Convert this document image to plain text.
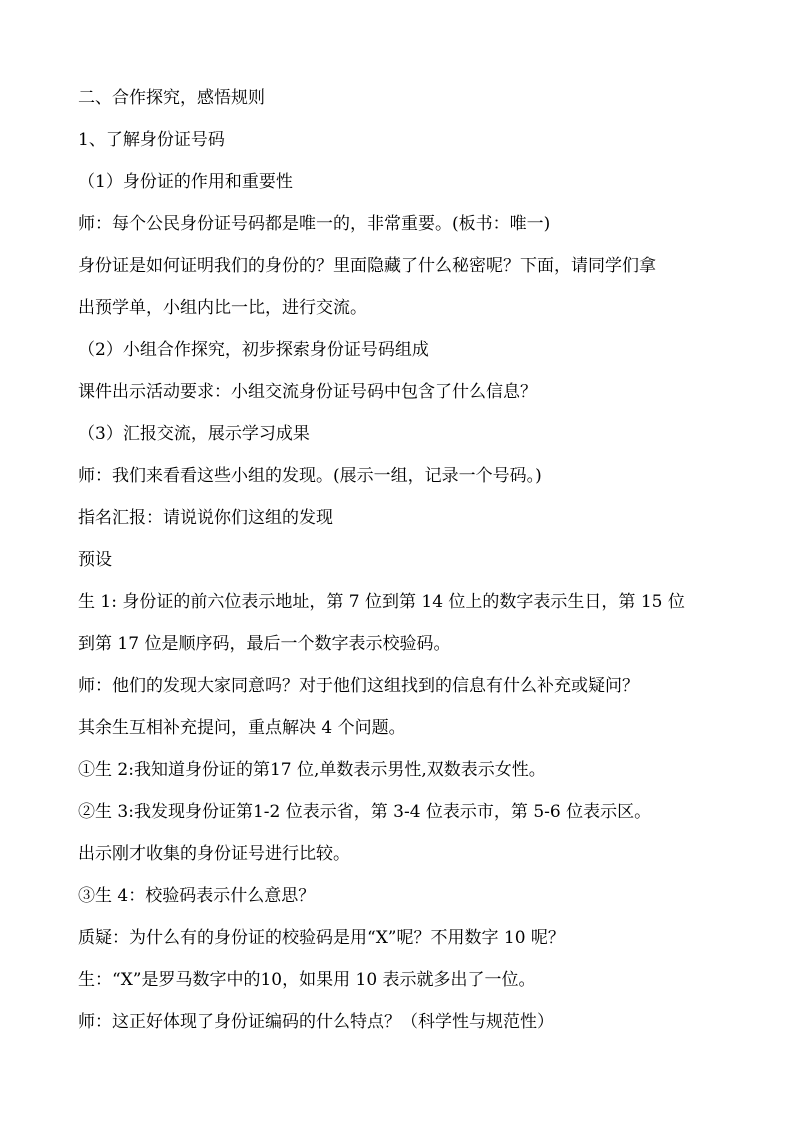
二、合作探究，感悟规则
1、了解身份证号码
（1）身份证的作用和重要性
师：每个公民身份证号码都是唯一的，非常重要。(板书：唯一)
身份证是如何证明我们的身份的？里面隐藏了什么秘密呢？下面，请同学们拿
出预学单，小组内比一比，进行交流。
（2）小组合作探究，初步探索身份证号码组成
课件出示活动要求：小组交流身份证号码中包含了什么信息？
（3）汇报交流，展示学习成果
师：我们来看看这些小组的发现。(展示一组，记录一个号码。)
指名汇报：请说说你们这组的发现
预设
生 1: 身份证的前六位表示地址，第 7 位到第 14 位上的数字表示生日，第 15 位
到第 17 位是顺序码，最后一个数字表示校验码。
师：他们的发现大家同意吗？对于他们这组找到的信息有什么补充或疑问？
其余生互相补充提问，重点解决 4 个问题。
①生 2:我知道身份证的第17 位,单数表示男性,双数表示女性。
②生 3:我发现身份证第1-2 位表示省，第 3-4 位表示市，第 5-6 位表示区。
出示刚才收集的身份证号进行比较。
③生 4：校验码表示什么意思？
质疑：为什么有的身份证的校验码是用“X”呢？不用数字 10 呢？
生：“X”是罗马数字中的10，如果用 10 表示就多出了一位。
师：这正好体现了身份证编码的什么特点？（科学性与规范性）
